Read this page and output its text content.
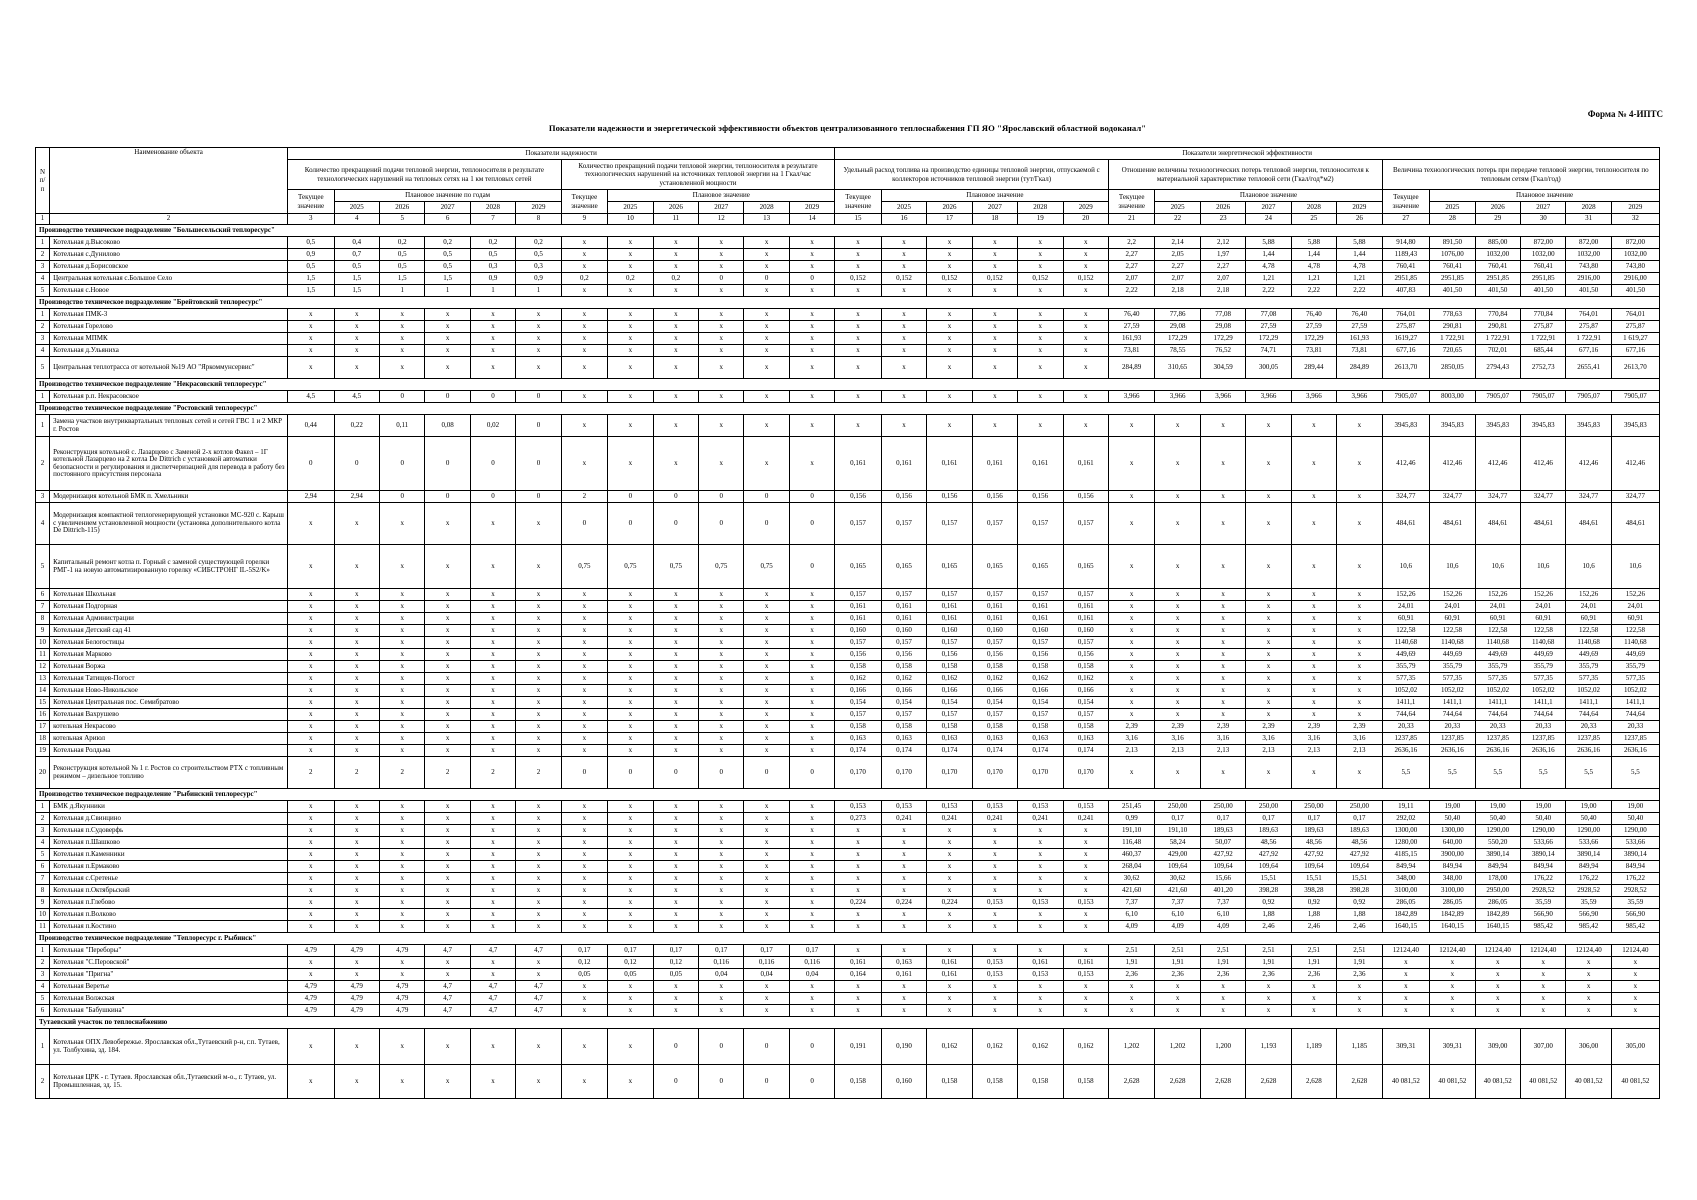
Форма № 4-ИПТС
Показатели надежности и энергетической эффективности объектов централизованного теплоснабжения ГП ЯО "Ярославский областной водоканал"
N п/п	Наименование объекта	Показатели надежности												Показатели энергетической эффективности																	
		Количество прекращений подачи тепловой энергии, теплоносителя в результате технологических нарушений на тепловых сетях на 1 км тепловых сетей						Количество прекращений подачи тепловой энергии, теплоносителя в результате технологических нарушений на источниках тепловой энергии на 1 Гкал/час установленной мощности						Удельный расход топлива на производство единицы тепловой энергии, отпускаемой с коллекторов источников тепловой энергии (тут/Гкал)						Отношение величины технологических потерь тепловой энергии, теплоносителя к материальной характеристике тепловой сети (Гкал/год*м2)						Величина технологических потерь при передаче тепловой энергии, теплоносителя по тепловым сетям (Гкал/год)					
		Текущее значение	Плановое значение по годам					Текущее значение	Плановое значение					Текущее значение	Плановое значение					Текущее значение	Плановое значение					Текущее значение	Плановое значение				
			2025	2026	2027	2028	2029		2025	2026	2027	2028	2029		2025	2026	2027	2028	2029		2025	2026	2027	2028	2029		2025	2026	2027	2028	2029
1	2	3	4	5	6	7	8	9	10	11	12	13	14	15	16	17	18	19	20	21	22	23	24	25	26	27	28	29	30	31	32
Производство техническое подразделение "Большесельский теплоресурс"																															
1	Котельная д.Высоково	0,5	0,4	0,2	0,2	0,2	0,2	x	x	x	x	x	x	x	x	x	x	x	x	2,2	2,14	2,12	5,88	5,88	5,88	914,80	891,50	885,00	872,00	872,00	872,00
2	Котельная с.Дунилово	0,9	0,7	0,5	0,5	0,5	0,5	x	x	x	x	x	x	x	x	x	x	x	x	2,27	2,05	1,97	1,44	1,44	1,44	1189,43	1076,00	1032,00	1032,00	1032,00	1032,00
3	Котельная д.Борисовское	0,5	0,5	0,5	0,5	0,3	0,3	x	x	x	x	x	x	x	x	x	x	x	x	2,27	2,27	2,27	4,78	4,78	4,78	760,41	760,41	760,41	760,41	743,80	743,80
4	Центральная котельная с.Большое Село	1,5	1,5	1,5	1,5	0,9	0,9	0,2	0,2	0,2	0	0	0	0,152	0,152	0,152	0,152	0,152	0,152	2,07	2,07	2,07	1,21	1,21	1,21	2951,85	2951,85	2951,85	2951,85	2916,00	2916,00
5	Котельная с.Новое	1,5	1,5	1	1	1	1	x	x	x	x	x	x	x	x	x	x	x	x	2,22	2,18	2,18	2,22	2,22	2,22	407,83	401,50	401,50	401,50	401,50	401,50
Производство техническое подразделение "Брейтовский теплоресурс"																															
1	Котельная ПМК-3	x	x	x	x	x	x	x	x	x	x	x	x	x	x	x	x	x	x	76,40	77,86	77,08	77,08	76,40	76,40	764,01	778,63	770,84	770,84	764,01	764,01
2	Котельная Горелово	x	x	x	x	x	x	x	x	x	x	x	x	x	x	x	x	x	x	27,59	29,08	29,08	27,59	27,59	27,59	275,87	290,81	290,81	275,87	275,87	275,87
3	Котельная МПМК	x	x	x	x	x	x	x	x	x	x	x	x	x	x	x	x	x	x	161,93	172,29	172,29	172,29	172,29	161,93	1619,27	1 722,91	1 722,91	1 722,91	1 722,91	1 619,27
4	Котельная д.Ульяниха	x	x	x	x	x	x	x	x	x	x	x	x	x	x	x	x	x	x	73,81	78,55	76,52	74,71	73,81	73,81	677,16	720,65	702,01	685,44	677,16	677,16
5	Центральная теплотрасса от котельной №19 АО "Яркоммунсервис"	x	x	x	x	x	x	x	x	x	x	x	x	x	x	x	x	x	x	284,89	310,65	304,59	300,05	289,44	284,89	2613,70	2850,05	2794,43	2752,73	2655,41	2613,70
Производство техническое подразделение "Некрасовский теплоресурс"																															
1	Котельная р.п. Некрасовское	4,5	4,5	0	0	0	0	x	x	x	x	x	x	x	x	x	x	x	x	3,966	3,966	3,966	3,966	3,966	3,966	7905,07	8003,00	7905,07	7905,07	7905,07	7905,07
Производство техническое подразделение "Ростовский теплоресурс"																															
1	Замена участков внутриквартальных тепловых сетей и сетей ГВС 1 и 2 МКР г. Ростов	0,44	0,22	0,11	0,08	0,02	0	x	x	x	x	x	x	x	x	x	x	x	x	x	x	x	x	x	x	3945,83	3945,83	3945,83	3945,83	3945,83	3945,83
2	Реконструкция котельной с. Лазарцево с Заменой 2-х котлов Факел – 1Г котельной Лазарцево на 2 котла De Dittrich с установкой автоматики безопасности и регулирования и диспетчеризацией для перевода в работу без постоянного присутствия персонала	0	0	0	0	0	0	x	x	x	x	x	x	0,161	0,161	0,161	0,161	0,161	0,161	x	x	x	x	x	x	412,46	412,46	412,46	412,46	412,46	412,46
3	Модернизация котельной БМК п. Хмельники	2,94	2,94	0	0	0	0	2	0	0	0	0	0	0,156	0,156	0,156	0,156	0,156	0,156	x	x	x	x	x	x	324,77	324,77	324,77	324,77	324,77	324,77
4	Модернизация компактной теплогенерирующей установки МС-920 с. Карыш с увеличением установленной мощности (установка дополнительного котла De Dittrich-115)	x	x	x	x	x	x	0	0	0	0	0	0	0,157	0,157	0,157	0,157	0,157	0,157	x	x	x	x	x	x	484,61	484,61	484,61	484,61	484,61	484,61
5	Капитальный ремонт котла п. Горный с заменой существующей горелки РМГ-1 на новую автоматизированную горелку «СИБСТРОНГ IL-5S2/K»	x	x	x	x	x	x	0,75	0,75	0,75	0,75	0,75	0	0,165	0,165	0,165	0,165	0,165	0,165	x	x	x	x	x	x	10,6	10,6	10,6	10,6	10,6	10,6
6	Котельная Школьная	x	x	x	x	x	x	x	x	x	x	x	x	0,157	0,157	0,157	0,157	0,157	0,157	x	x	x	x	x	x	152,26	152,26	152,26	152,26	152,26	152,26
7	Котельная Подгорная	x	x	x	x	x	x	x	x	x	x	x	x	0,161	0,161	0,161	0,161	0,161	0,161	x	x	x	x	x	x	24,01	24,01	24,01	24,01	24,01	24,01
8	Котельная Администрации	x	x	x	x	x	x	x	x	x	x	x	x	0,161	0,161	0,161	0,161	0,161	0,161	x	x	x	x	x	x	60,91	60,91	60,91	60,91	60,91	60,91
9	Котельная Детский сад 41	x	x	x	x	x	x	x	x	x	x	x	x	0,160	0,160	0,160	0,160	0,160	0,160	x	x	x	x	x	x	122,58	122,58	122,58	122,58	122,58	122,58
10	Котельная Белогостицы	x	x	x	x	x	x	x	x	x	x	x	x	0,157	0,157	0,157	0,157	0,157	0,157	x	x	x	x	x	x	1140,68	1140,68	1140,68	1140,68	1140,68	1140,68
11	Котельная Марково	x	x	x	x	x	x	x	x	x	x	x	x	0,156	0,156	0,156	0,156	0,156	0,156	x	x	x	x	x	x	449,69	449,69	449,69	449,69	449,69	449,69
12	Котельная Воржа	x	x	x	x	x	x	x	x	x	x	x	x	0,158	0,158	0,158	0,158	0,158	0,158	x	x	x	x	x	x	355,79	355,79	355,79	355,79	355,79	355,79
13	Котельная Татищев-Погост	x	x	x	x	x	x	x	x	x	x	x	x	0,162	0,162	0,162	0,162	0,162	0,162	x	x	x	x	x	x	577,35	577,35	577,35	577,35	577,35	577,35
14	Котельная Ново-Никольское	x	x	x	x	x	x	x	x	x	x	x	x	0,166	0,166	0,166	0,166	0,166	0,166	x	x	x	x	x	x	1052,02	1052,02	1052,02	1052,02	1052,02	1052,02
15	Котельная Центральная пос. Семибратово	x	x	x	x	x	x	x	x	x	x	x	x	0,154	0,154	0,154	0,154	0,154	0,154	x	x	x	x	x	x	1411,1	1411,1	1411,1	1411,1	1411,1	1411,1
16	Котельная Вахрушево	x	x	x	x	x	x	x	x	x	x	x	x	0,157	0,157	0,157	0,157	0,157	0,157	x	x	x	x	x	x	744,64	744,64	744,64	744,64	744,64	744,64
17	котельная Некрасово	x	x	x	x	x	x	x	x	x	x	x	x	0,158	0,158	0,158	0,158	0,158	0,158	2,39	2,39	2,39	2,39	2,39	2,39	20,33	20,33	20,33	20,33	20,33	20,33
18	котельная Ариюл	x	x	x	x	x	x	x	x	x	x	x	x	0,163	0,163	0,163	0,163	0,163	0,163	3,16	3,16	3,16	3,16	3,16	3,16	1237,85	1237,85	1237,85	1237,85	1237,85	1237,85
19	Котельная Ролдьма	x	x	x	x	x	x	x	x	x	x	x	x	0,174	0,174	0,174	0,174	0,174	0,174	2,13	2,13	2,13	2,13	2,13	2,13	2636,16	2636,16	2636,16	2636,16	2636,16	2636,16
20	Реконструкция котельной № 1 г. Ростов со строительством РТХ с топливным режимом – дизельное топливо	2	2	2	2	2	2	0	0	0	0	0	0	0,170	0,170	0,170	0,170	0,170	0,170	x	x	x	x	x	x	5,5	5,5	5,5	5,5	5,5	5,5
Производство техническое подразделение "Рыбинский теплоресурс"																															
1	БМК д.Якунники	x	x	x	x	x	x	x	x	x	x	x	x	0,153	0,153	0,153	0,153	0,153	0,153	251,45	250,00	250,00	250,00	250,00	250,00	19,11	19,00	19,00	19,00	19,00	19,00
2	Котельная д.Свинцино	x	x	x	x	x	x	x	x	x	x	x	x	0,273	0,241	0,241	0,241	0,241	0,241	0,99	0,17	0,17	0,17	0,17	0,17	292,02	50,40	50,40	50,40	50,40	50,40
3	Котельная п.Судоверфь	x	x	x	x	x	x	x	x	x	x	x	x	x	x	x	x	x	x	191,10	191,10	189,63	189,63	189,63	189,63	1300,00	1300,00	1290,00	1290,00	1290,00	1290,00
4	Котельная п.Шашково	x	x	x	x	x	x	x	x	x	x	x	x	x	x	x	x	x	x	116,48	58,24	50,07	48,56	48,56	48,56	1280,00	640,00	550,20	533,66	533,66	533,66
5	Котельная п.Каменники	x	x	x	x	x	x	x	x	x	x	x	x	x	x	x	x	x	x	460,37	429,00	427,92	427,92	427,92	427,92	4185,15	3900,00	3890,14	3890,14	3890,14	3890,14
6	Котельная п.Ермаково	x	x	x	x	x	x	x	x	x	x	x	x	x	x	x	x	x	x	268,04	109,64	109,64	109,64	109,64	109,64	849,94	849,94	849,94	849,94	849,94	849,94
7	Котельная с.Сретенье	x	x	x	x	x	x	x	x	x	x	x	x	x	x	x	x	x	x	30,62	30,62	15,66	15,51	15,51	15,51	348,00	348,00	178,00	176,22	176,22	176,22
8	Котельная п.Октябрьский	x	x	x	x	x	x	x	x	x	x	x	x	x	x	x	x	x	x	421,60	421,60	401,20	398,28	398,28	398,28	3100,00	3100,00	2950,00	2928,52	2928,52	2928,52
9	Котельная п.Глебово	x	x	x	x	x	x	x	x	x	x	x	x	0,224	0,224	0,224	0,153	0,153	0,153	7,37	7,37	7,37	0,92	0,92	0,92	286,05	286,05	286,05	35,59	35,59	35,59
10	Котельная п.Волково	x	x	x	x	x	x	x	x	x	x	x	x	x	x	x	x	x	x	6,10	6,10	6,10	1,88	1,88	1,88	1842,89	1842,89	1842,89	566,90	566,90	566,90
11	Котельная п.Костино	x	x	x	x	x	x	x	x	x	x	x	x	x	x	x	x	x	x	4,09	4,09	4,09	2,46	2,46	2,46	1640,15	1640,15	1640,15	985,42	985,42	985,42
Производство техническое подразделение "Теплоресурс г. Рыбинск"																															
1	Котельная "Переборы"	4,79	4,79	4,79	4,7	4,7	4,7	0,17	0,17	0,17	0,17	0,17	0,17	x	x	x	x	x	x	2,51	2,51	2,51	2,51	2,51	2,51	12124,40	12124,40	12124,40	12124,40	12124,40	12124,40
2	Котельная "С.Перовской"	x	x	x	x	x	x	0,12	0,12	0,12	0,116	0,116	0,116	0,161	0,163	0,161	0,153	0,161	0,161	1,91	1,91	1,91	1,91	1,91	1,91	x	x	x	x	x	x
3	Котельная "Пригна"	x	x	x	x	x	x	0,05	0,05	0,05	0,04	0,04	0,04	0,164	0,161	0,161	0,153	0,153	0,153	2,36	2,36	2,36	2,36	2,36	2,36	x	x	x	x	x	x
4	Котельная Веретье	4,79	4,79	4,79	4,7	4,7	4,7	x	x	x	x	x	x	x	x	x	x	x	x	x	x	x	x	x	x	x	x	x	x	x	x
5	Котельная Волжская	4,79	4,79	4,79	4,7	4,7	4,7	x	x	x	x	x	x	x	x	x	x	x	x	x	x	x	x	x	x	x	x	x	x	x	x
6	Котельная "Бабушкина"	4,79	4,79	4,79	4,7	4,7	4,7	x	x	x	x	x	x	x	x	x	x	x	x	x	x	x	x	x	x	x	x	x	x	x	x
Тутаевский участок по теплоснабжению																															
1	Котельная ОПХ Левобережье. Ярославская обл.,Тутаевский р-н, г.п. Тутаев, ул. Толбухина, зд. 184.	x	x	x	x	x	x	x	x	0	0	0	0	0,191	0,190	0,162	0,162	0,162	0,162	1,202	1,202	1,200	1,193	1,189	1,185	309,31	309,31	309,00	307,00	306,00	305,00
2	Котельная ЦРК - г. Тутаев. Ярославская обл.,Тутаевский м-о., г. Тутаев, ул. Промышленная, зд. 15.	x	x	x	x	x	x	x	x	0	0	0	0	0,158	0,160	0,158	0,158	0,158	0,158	2,628	2,628	2,628	2,628	2,628	2,628	40 081,52	40 081,52	40 081,52	40 081,52	40 081,52	40 081,52
